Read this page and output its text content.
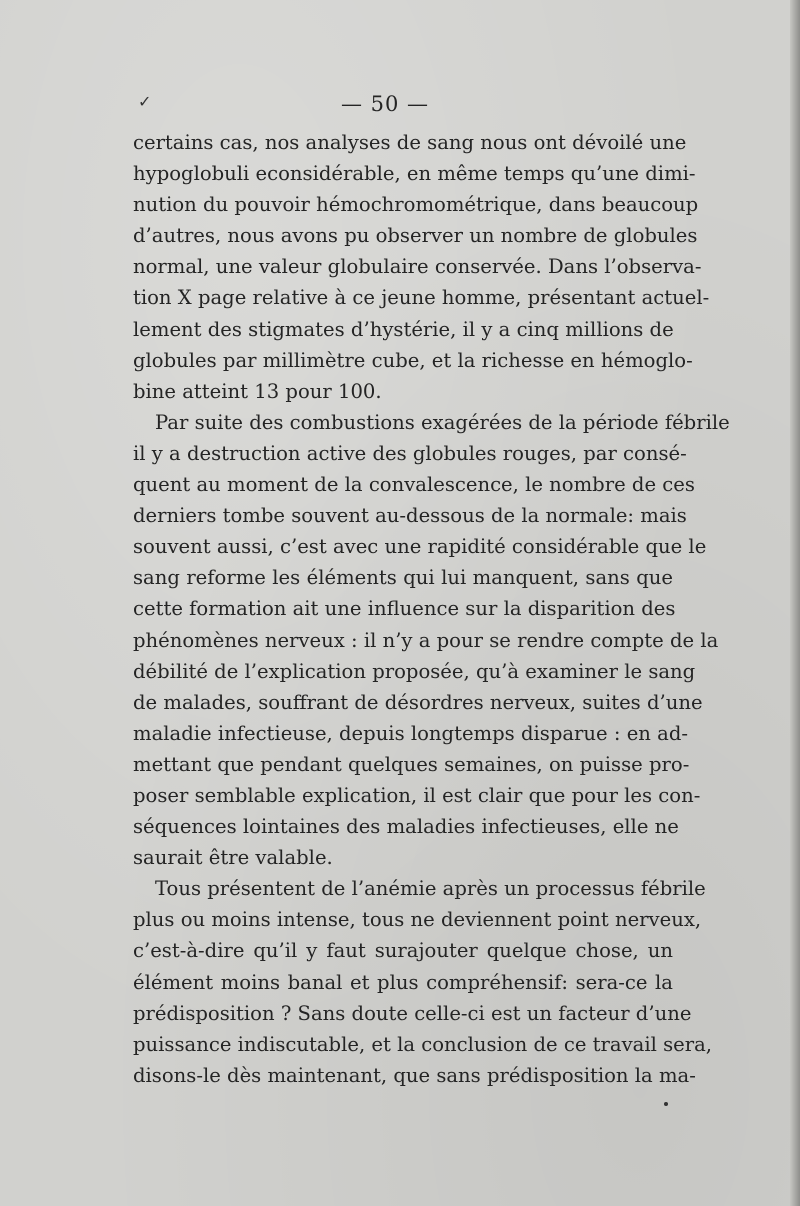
✓	— 50 —
certains cas, nos analyses de sang nous ont dévoilé une
hypoglobuli econsidérable, en même temps qu’une dimi-
nution du pouvoir hémochromométrique, dans beaucoup
d’autres, nous avons pu observer un nombre de globules
normal, une valeur globulaire conservée. Dans l’observa-
tion X page relative à ce jeune homme, présentant actuel-
lement des stigmates d’hystérie, il y a cinq millions de
globules par millimètre cube, et la richesse en hémoglo-
bine atteint 13 pour 100.
Par suite des combustions exagérées de la période fébrile
il y a destruction active des globules rouges, par consé-
quent au moment de la convalescence, le nombre de ces
derniers tombe souvent au-dessous de la normale: mais
souvent aussi, c’est avec une rapidité considérable que le
sang reforme les éléments qui lui manquent, sans que
cette formation ait une influence sur la disparition des
phénomènes nerveux : il n’y a pour se rendre compte de la
débilité de l’explication proposée, qu’à examiner le sang
de malades, souffrant de désordres nerveux, suites d’une
maladie infectieuse, depuis longtemps disparue : en ad-
mettant que pendant quelques semaines, on puisse pro-
poser semblable explication, il est clair que pour les con-
séquences lointaines des maladies infectieuses, elle ne
saurait être valable.
Tous présentent de l’anémie après un processus fébrile
plus ou moins intense, tous ne deviennent point nerveux,
c’est-à-dire qu’il y faut surajouter quelque chose, un
élément moins banal et plus compréhensif: sera-ce la
prédisposition ? Sans doute celle-ci est un facteur d’une
puissance indiscutable, et la conclusion de ce travail sera,
disons-le dès maintenant, que sans prédisposition la ma-
